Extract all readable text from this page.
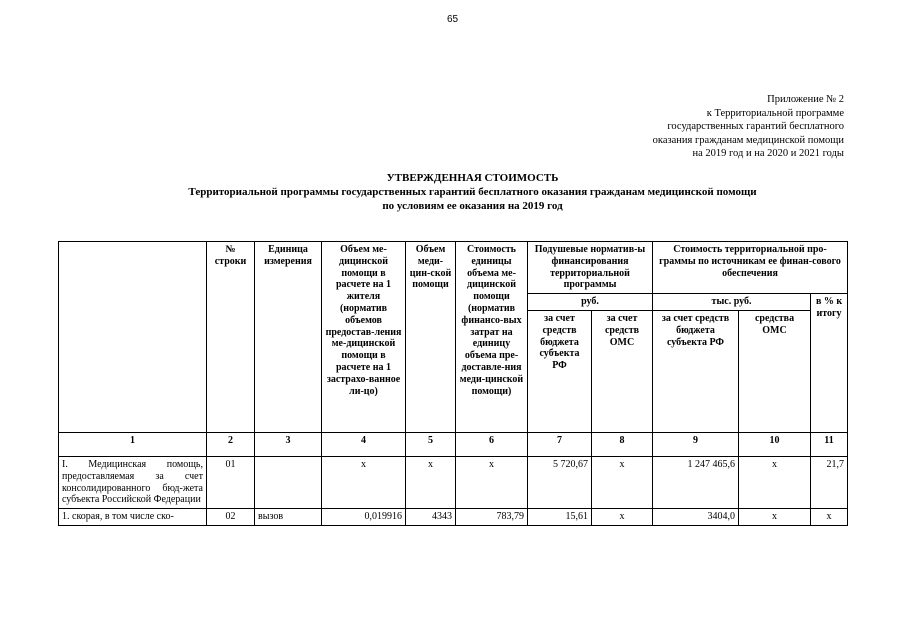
65
Приложение № 2
к Территориальной программе
государственных гарантий бесплатного
оказания гражданам медицинской помощи
на 2019 год и на 2020 и 2021 годы
УТВЕРЖДЕННАЯ СТОИМОСТЬ
Территориальной программы государственных гарантий бесплатного оказания гражданам медицинской помощи
по условиям ее оказания на 2019 год
	№ строки	Единица измерения	Объем ме-дицинской помощи в расчете на 1 жителя (норматив объемов предостав-ления ме-дицинской помощи в расчете на 1 застрахо-ванное ли-цо)	Объем меди-цин-ской помощи	Стоимость единицы объема ме-дицинской помощи (норматив финансо-вых затрат на единицу объема пре-доставле-ния меди-цинской помощи)	Подушевые норматив-ы финансирования территориальной программы		Стоимость территориальной про-граммы по источникам ее финан-сового обеспечения		
						руб.		тыс. руб.		в % к итогу
						за счет средств бюджета субъекта РФ	за счет средств ОМС	за счет средств бюджета субъекта РФ	средства ОМС	
1	2	3	4	5	6	7	8	9	10	11
I. Медицинская помощь, предоставляемая за счет консолидированного бюд-жета субъекта Российской Федерации	01		х	х	х	5 720,67	х	1 247 465,6	х	21,7
1. скорая, в том числе ско-	02	вызов	0,019916	4343	783,79	15,61	х	3404,0	х	х
